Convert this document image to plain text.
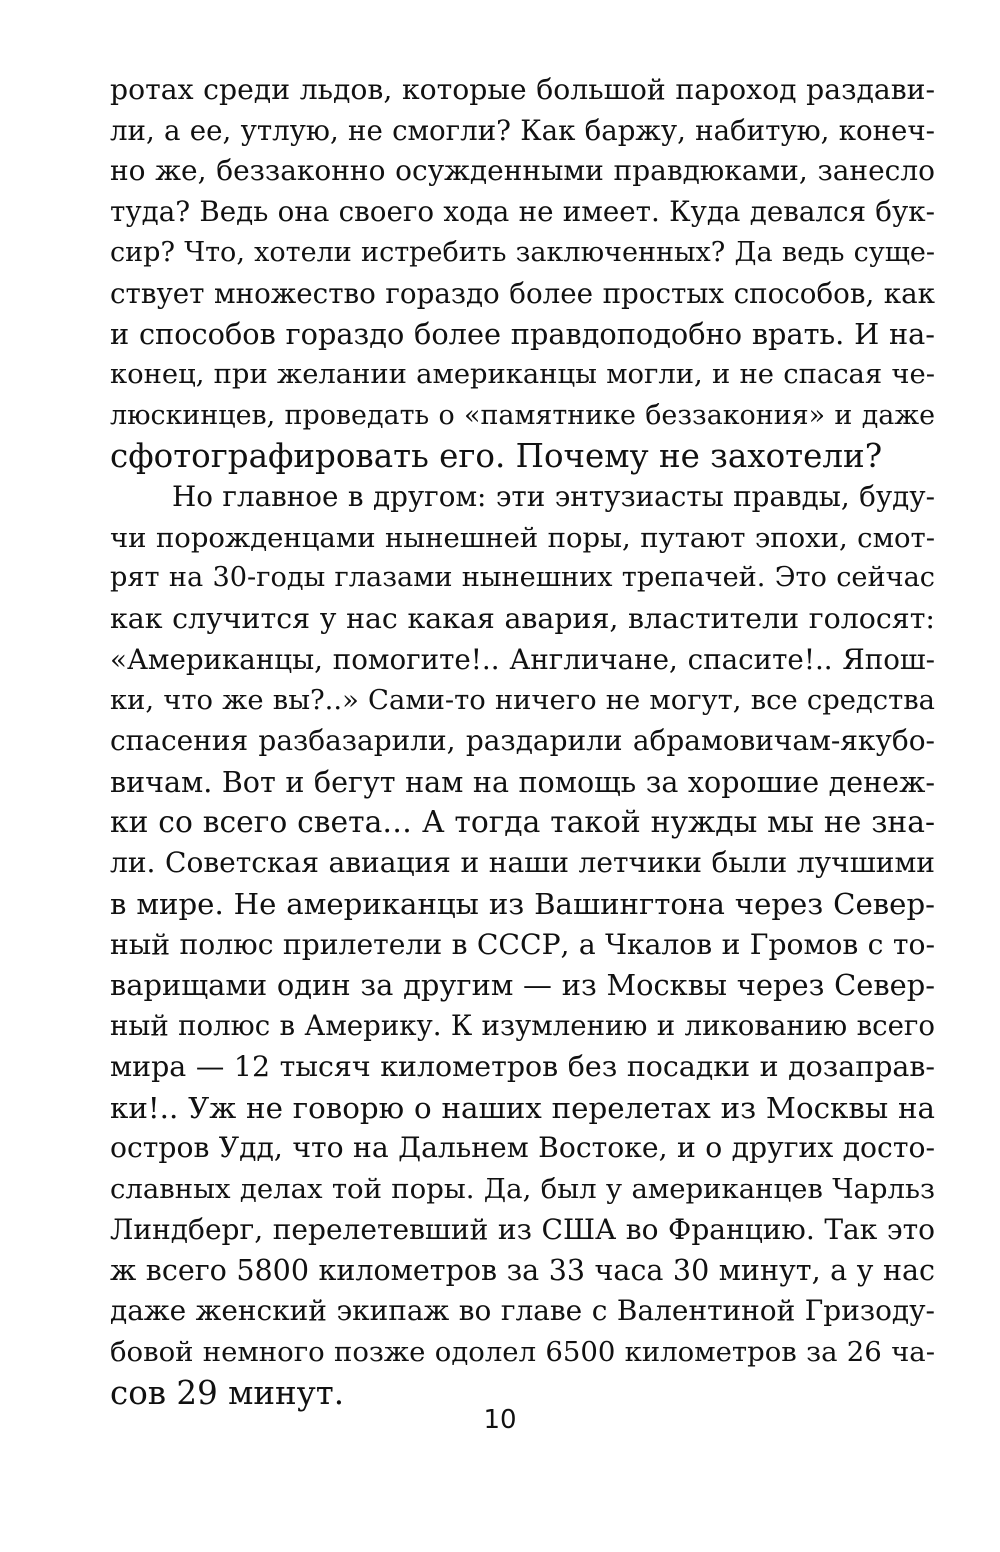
ротах среди льдов, которые большой пароход раздави-
ли, а ее, утлую, не смогли? Как баржу, набитую, конеч-
но же, беззаконно осужденными правдюками, занесло
туда? Ведь она своего хода не имеет. Куда девался бук-
сир? Что, хотели истребить заключенных? Да ведь суще-
ствует множество гораздо более простых способов, как
и способов гораздо более правдоподобно врать. И на-
конец, при желании американцы могли, и не спасая че-
люскинцев, проведать о «памятнике беззакония» и даже
сфотографировать его. Почему не захотели?
Но главное в другом: эти энтузиасты правды, буду-
чи порожденцами нынешней поры, путают эпохи, смот-
рят на 30-годы глазами нынешних трепачей. Это сейчас
как случится у нас какая авария, властители голосят:
«Американцы, помогите!.. Англичане, спасите!.. Япош-
ки, что же вы?..» Сами-то ничего не могут, все средства
спасения разбазарили, раздарили абрамовичам-якубо-
вичам. Вот и бегут нам на помощь за хорошие денеж-
ки со всего света… А тогда такой нужды мы не зна-
ли. Советская авиация и наши летчики были лучшими
в мире. Не американцы из Вашингтона через Север-
ный полюс прилетели в СССР, а Чкалов и Громов с то-
варищами один за другим — из Москвы через Север-
ный полюс в Америку. К изумлению и ликованию всего
мира — 12 тысяч километров без посадки и дозаправ-
ки!.. Уж не говорю о наших перелетах из Москвы на
остров Удд, что на Дальнем Востоке, и о других досто-
славных делах той поры. Да, был у американцев Чарльз
Линдберг, перелетевший из США во Францию. Так это
ж всего 5800 километров за 33 часа 30 минут, а у нас
даже женский экипаж во главе с Валентиной Гризоду-
бовой немного позже одолел 6500 километров за 26 ча-
сов 29 минут.
10
